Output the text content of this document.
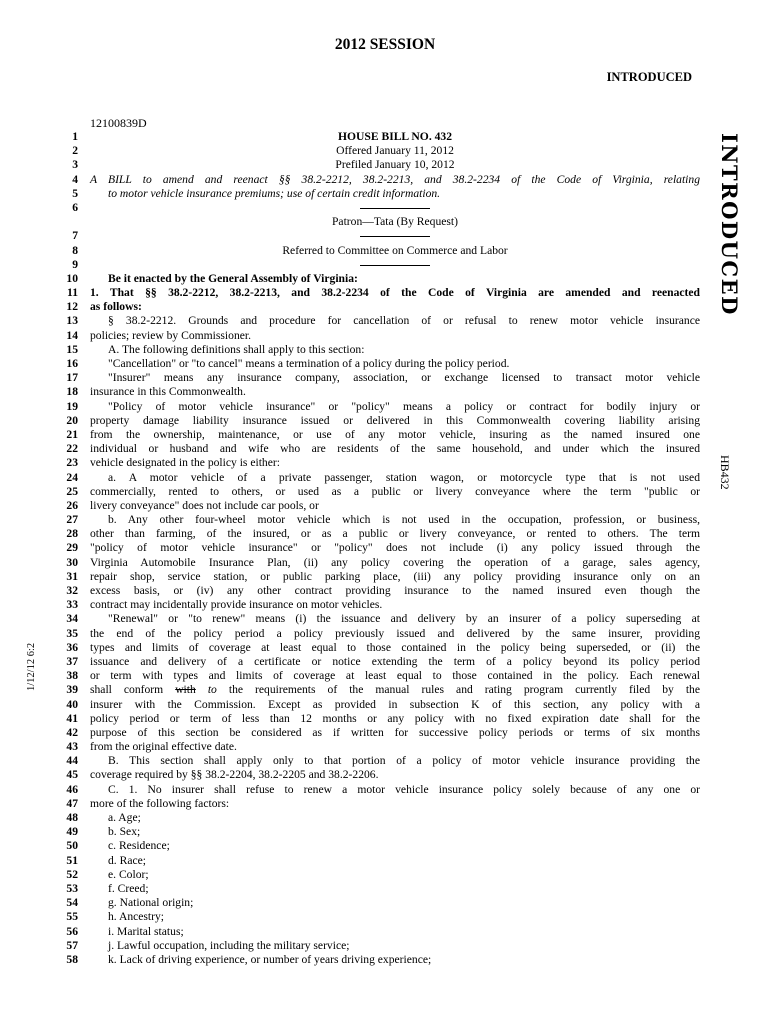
2012 SESSION
INTRODUCED
12100839D
INTRODUCED
HB432
1/12/12 6:2
1	HOUSE BILL NO. 432
2	Offered January 11, 2012
3	Prefiled January 10, 2012
4 A BILL to amend and reenact §§ 38.2-2212, 38.2-2213, and 38.2-2234 of the Code of Virginia, relating
5	to motor vehicle insurance premiums; use of certain credit information.
6
Patron—Tata (By Request)
7
8	Referred to Committee on Commerce and Labor
9
10	Be it enacted by the General Assembly of Virginia:
11 1. That §§ 38.2-2212, 38.2-2213, and 38.2-2234 of the Code of Virginia are amended and reenacted
12 as follows:
13	§ 38.2-2212. Grounds and procedure for cancellation of or refusal to renew motor vehicle insurance
14 policies; review by Commissioner.
15	A. The following definitions shall apply to this section:
16	"Cancellation" or "to cancel" means a termination of a policy during the policy period.
17	"Insurer" means any insurance company, association, or exchange licensed to transact motor vehicle
18 insurance in this Commonwealth.
19	"Policy of motor vehicle insurance" or "policy" means a policy or contract for bodily injury or
20 property damage liability insurance issued or delivered in this Commonwealth covering liability arising
21 from the ownership, maintenance, or use of any motor vehicle, insuring as the named insured one
22 individual or husband and wife who are residents of the same household, and under which the insured
23 vehicle designated in the policy is either:
24	a. A motor vehicle of a private passenger, station wagon, or motorcycle type that is not used
25 commercially, rented to others, or used as a public or livery conveyance where the term "public or
26 livery conveyance" does not include car pools, or
27	b. Any other four-wheel motor vehicle which is not used in the occupation, profession, or business,
28 other than farming, of the insured, or as a public or livery conveyance, or rented to others. The term
29 "policy of motor vehicle insurance" or "policy" does not include (i) any policy issued through the
30 Virginia Automobile Insurance Plan, (ii) any policy covering the operation of a garage, sales agency,
31 repair shop, service station, or public parking place, (iii) any policy providing insurance only on an
32 excess basis, or (iv) any other contract providing insurance to the named insured even though the
33 contract may incidentally provide insurance on motor vehicles.
34	"Renewal" or "to renew" means (i) the issuance and delivery by an insurer of a policy superseding at
35 the end of the policy period a policy previously issued and delivered by the same insurer, providing
36 types and limits of coverage at least equal to those contained in the policy being superseded, or (ii) the
37 issuance and delivery of a certificate or notice extending the term of a policy beyond its policy period
38 or term with types and limits of coverage at least equal to those contained in the policy. Each renewal
39 shall conform with to the requirements of the manual rules and rating program currently filed by the
40 insurer with the Commission. Except as provided in subsection K of this section, any policy with a
41 policy period or term of less than 12 months or any policy with no fixed expiration date shall for the
42 purpose of this section be considered as if written for successive policy periods or terms of six months
43 from the original effective date.
44	B. This section shall apply only to that portion of a policy of motor vehicle insurance providing the
45 coverage required by §§ 38.2-2204, 38.2-2205 and 38.2-2206.
46	C. 1. No insurer shall refuse to renew a motor vehicle insurance policy solely because of any one or
47 more of the following factors:
48	a. Age;
49	b. Sex;
50	c. Residence;
51	d. Race;
52	e. Color;
53	f. Creed;
54	g. National origin;
55	h. Ancestry;
56	i. Marital status;
57	j. Lawful occupation, including the military service;
58	k. Lack of driving experience, or number of years driving experience;
